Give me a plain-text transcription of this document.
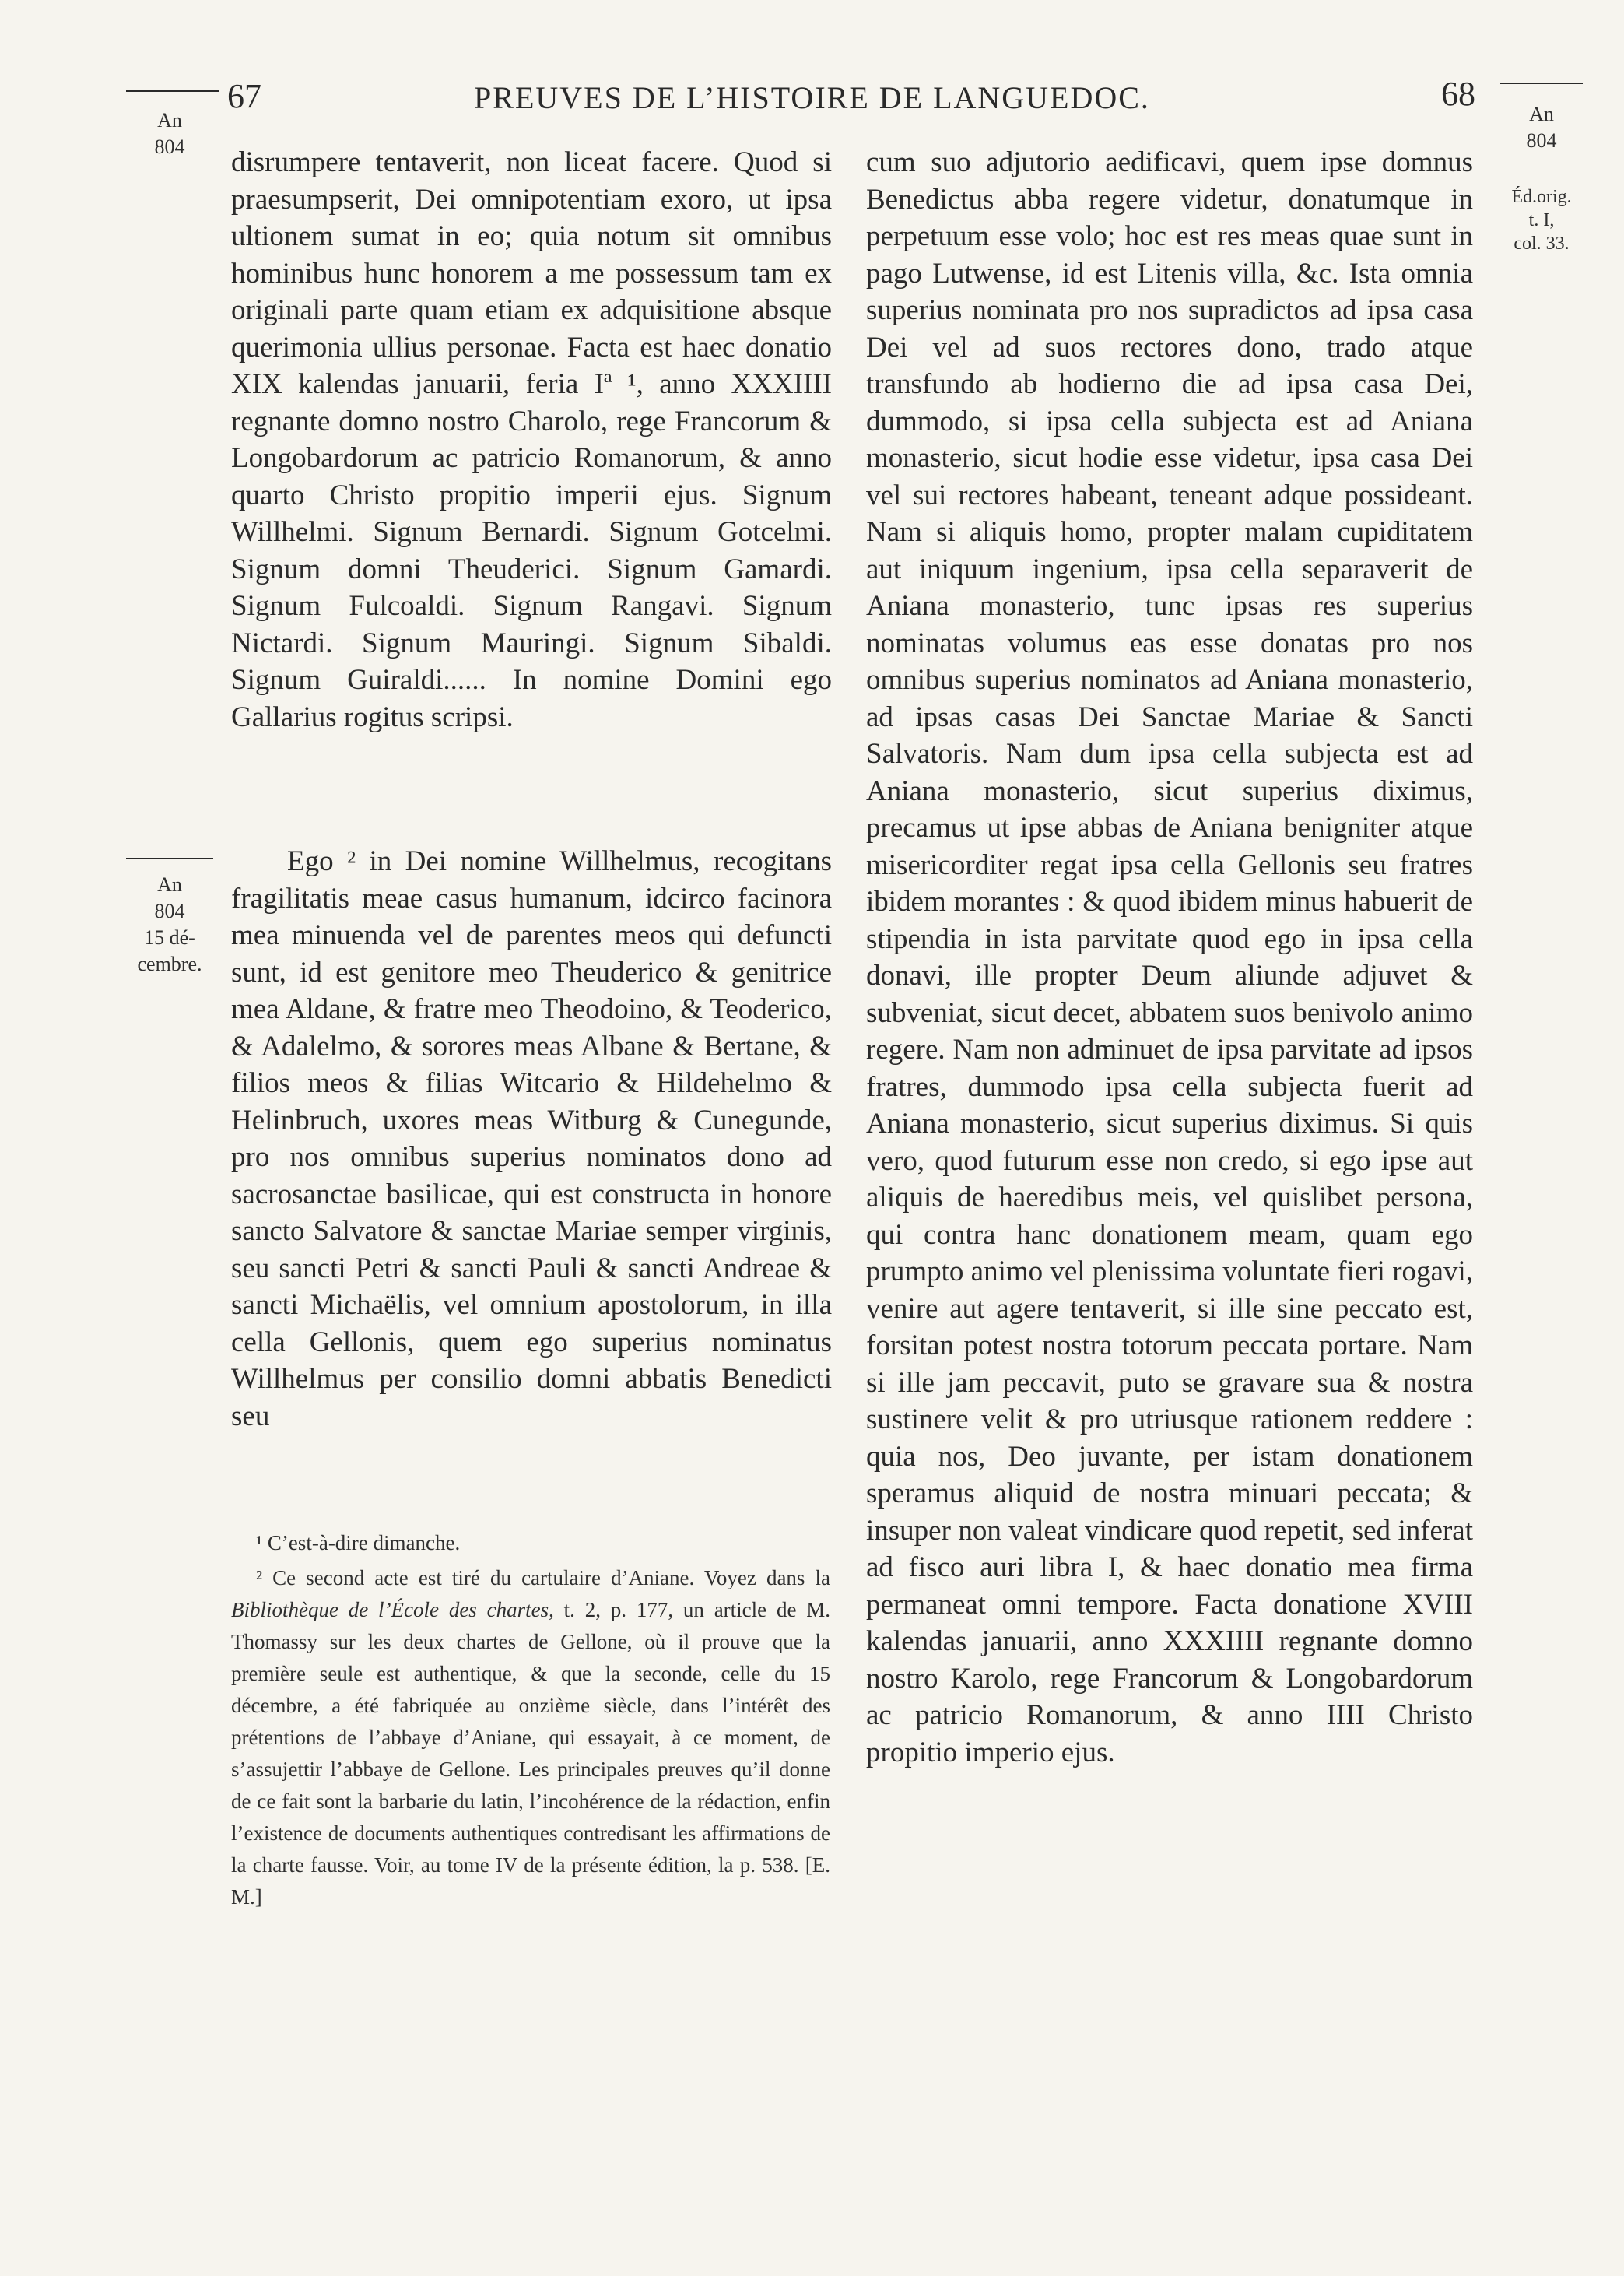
67	PREUVES DE L’HISTOIRE DE LANGUEDOC.	68
An
804
An
804
15 dé-
cembre.
An
804
Éd.orig.
t. I,
col. 33.

disrumpere tentaverit, non liceat facere. Quod si praesumpserit, Dei omnipotentiam exoro, ut ipsa ultionem sumat in eo; quia notum sit omnibus hominibus hunc honorem a me possessum tam ex originali parte quam etiam ex adquisitione absque querimonia ullius personae. Facta est haec donatio XIX kalendas januarii, feria Iª ¹, anno XXXIIII regnante domno nostro Charolo, rege Francorum & Longobardorum ac patricio Romanorum, & anno quarto Christo propitio imperii ejus. Signum Willhelmi. Signum Bernardi. Signum Gotcelmi. Signum domni Theuderici. Signum Gamardi. Signum Fulcoaldi. Signum Rangavi. Signum Nictardi. Signum Mauringi. Signum Sibaldi. Signum Guiraldi...... In nomine Domini ego Gallarius rogitus scripsi.

Ego ² in Dei nomine Willhelmus, recogitans fragilitatis meae casus humanum, idcirco facinora mea minuenda vel de parentes meos qui defuncti sunt, id est genitore meo Theuderico & genitrice mea Aldane, & fratre meo Theodoino, & Teoderico, & Adalelmo, & sorores meas Albane & Bertane, & filios meos & filias Witcario & Hildehelmo & Helinbruch, uxores meas Witburg & Cunegunde, pro nos omnibus superius nominatos dono ad sacrosanctae basilicae, qui est constructa in honore sancto Salvatore & sanctae Mariae semper virginis, seu sancti Petri & sancti Pauli & sancti Andreae & sancti Michaëlis, vel omnium apostolorum, in illa cella Gellonis, quem ego superius nominatus Willhelmus per consilio domni abbatis Benedicti seu

cum suo adjutorio aedificavi, quem ipse domnus Benedictus abba regere videtur, donatumque in perpetuum esse volo; hoc est res meas quae sunt in pago Lutwense, id est Litenis villa, &c. Ista omnia superius nominata pro nos supradictos ad ipsa casa Dei vel ad suos rectores dono, trado atque transfundo ab hodierno die ad ipsa casa Dei, dummodo, si ipsa cella subjecta est ad Aniana monasterio, sicut hodie esse videtur, ipsa casa Dei vel sui rectores habeant, teneant adque possideant. Nam si aliquis homo, propter malam cupiditatem aut iniquum ingenium, ipsa cella separaverit de Aniana monasterio, tunc ipsas res superius nominatas volumus eas esse donatas pro nos omnibus superius nominatos ad Aniana monasterio, ad ipsas casas Dei Sanctae Mariae & Sancti Salvatoris. Nam dum ipsa cella subjecta est ad Aniana monasterio, sicut superius diximus, precamus ut ipse abbas de Aniana benigniter atque misericorditer regat ipsa cella Gellonis seu fratres ibidem morantes : & quod ibidem minus habuerit de stipendia in ista parvitate quod ego in ipsa cella donavi, ille propter Deum aliunde adjuvet & subveniat, sicut decet, abbatem suos benivolo animo regere. Nam non adminuet de ipsa parvitate ad ipsos fratres, dummodo ipsa cella subjecta fuerit ad Aniana monasterio, sicut superius diximus. Si quis vero, quod futurum esse non credo, si ego ipse aut aliquis de haeredibus meis, vel quislibet persona, qui contra hanc donationem meam, quam ego prumpto animo vel plenissima voluntate fieri rogavi, venire aut agere tentaverit, si ille sine peccato est, forsitan potest nostra totorum peccata portare. Nam si ille jam peccavit, puto se gravare sua & nostra sustinere velit & pro utriusque rationem reddere : quia nos, Deo juvante, per istam donationem speramus aliquid de nostra minuari peccata; & insuper non valeat vindicare quod repetit, sed inferat ad fisco auri libra I, & haec donatio mea firma permaneat omni tempore. Facta donatione XVIII kalendas januarii, anno XXXIIII regnante domno nostro Karolo, rege Francorum & Longobardorum ac patricio Romanorum, & anno IIII Christo propitio imperio ejus.

¹ C’est-à-dire dimanche.

² Ce second acte est tiré du cartulaire d’Aniane. Voyez dans la Bibliothèque de l’École des chartes, t. 2, p. 177, un article de M. Thomassy sur les deux chartes de Gellone, où il prouve que la première seule est authentique, & que la seconde, celle du 15 décembre, a été fabriquée au onzième siècle, dans l’intérêt des prétentions de l’abbaye d’Aniane, qui essayait, à ce moment, de s’assujettir l’abbaye de Gellone. Les principales preuves qu’il donne de ce fait sont la barbarie du latin, l’incohérence de la rédaction, enfin l’existence de documents authentiques contredisant les affirmations de la charte fausse. Voir, au tome IV de la présente édition, la p. 538. [E. M.]
